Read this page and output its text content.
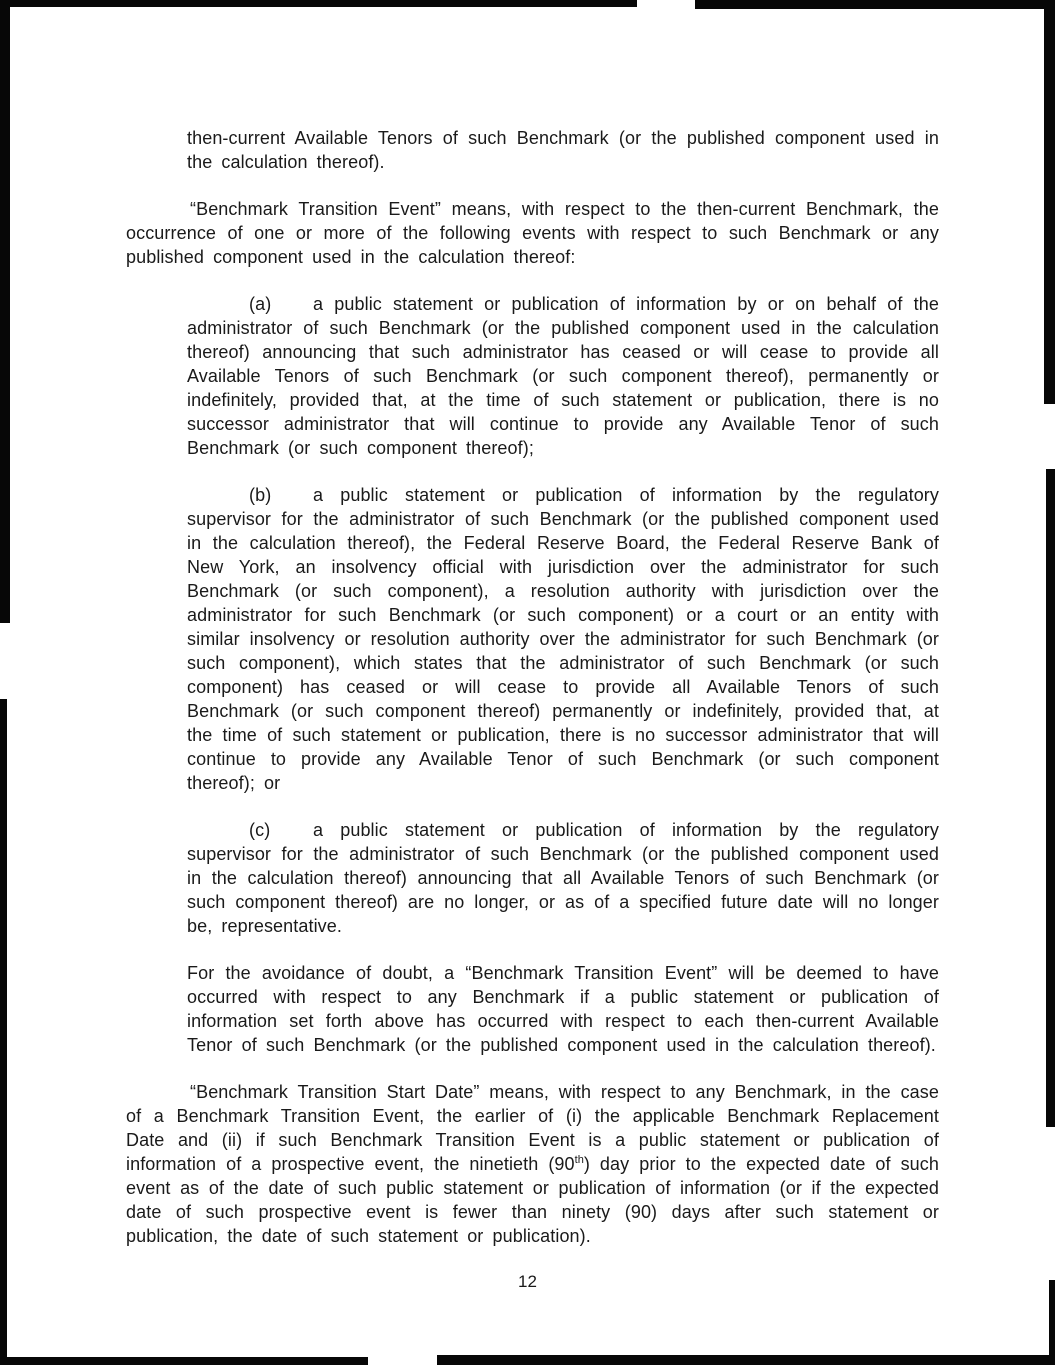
then-current Available Tenors of such Benchmark (or the published component used in the calculation thereof).

“Benchmark Transition Event” means, with respect to the then-current Benchmark, the occurrence of one or more of the following events with respect to such Benchmark or any published component used in the calculation thereof:

(a) a public statement or publication of information by or on behalf of the administrator of such Benchmark (or the published component used in the calculation thereof) announcing that such administrator has ceased or will cease to provide all Available Tenors of such Benchmark (or such component thereof), permanently or indefinitely, provided that, at the time of such statement or publication, there is no successor administrator that will continue to provide any Available Tenor of such Benchmark (or such component thereof);

(b) a public statement or publication of information by the regulatory supervisor for the administrator of such Benchmark (or the published component used in the calculation thereof), the Federal Reserve Board, the Federal Reserve Bank of New York, an insolvency official with jurisdiction over the administrator for such Benchmark (or such component), a resolution authority with jurisdiction over the administrator for such Benchmark (or such component) or a court or an entity with similar insolvency or resolution authority over the administrator for such Benchmark (or such component), which states that the administrator of such Benchmark (or such component) has ceased or will cease to provide all Available Tenors of such Benchmark (or such component thereof) permanently or indefinitely, provided that, at the time of such statement or publication, there is no successor administrator that will continue to provide any Available Tenor of such Benchmark (or such component thereof); or

(c) a public statement or publication of information by the regulatory supervisor for the administrator of such Benchmark (or the published component used in the calculation thereof) announcing that all Available Tenors of such Benchmark (or such component thereof) are no longer, or as of a specified future date will no longer be, representative.

For the avoidance of doubt, a “Benchmark Transition Event” will be deemed to have occurred with respect to any Benchmark if a public statement or publication of information set forth above has occurred with respect to each then-current Available Tenor of such Benchmark (or the published component used in the calculation thereof).

“Benchmark Transition Start Date” means, with respect to any Benchmark, in the case of a Benchmark Transition Event, the earlier of (i) the applicable Benchmark Replacement Date and (ii) if such Benchmark Transition Event is a public statement or publication of information of a prospective event, the ninetieth (90th) day prior to the expected date of such event as of the date of such public statement or publication of information (or if the expected date of such prospective event is fewer than ninety (90) days after such statement or publication, the date of such statement or publication).

12
